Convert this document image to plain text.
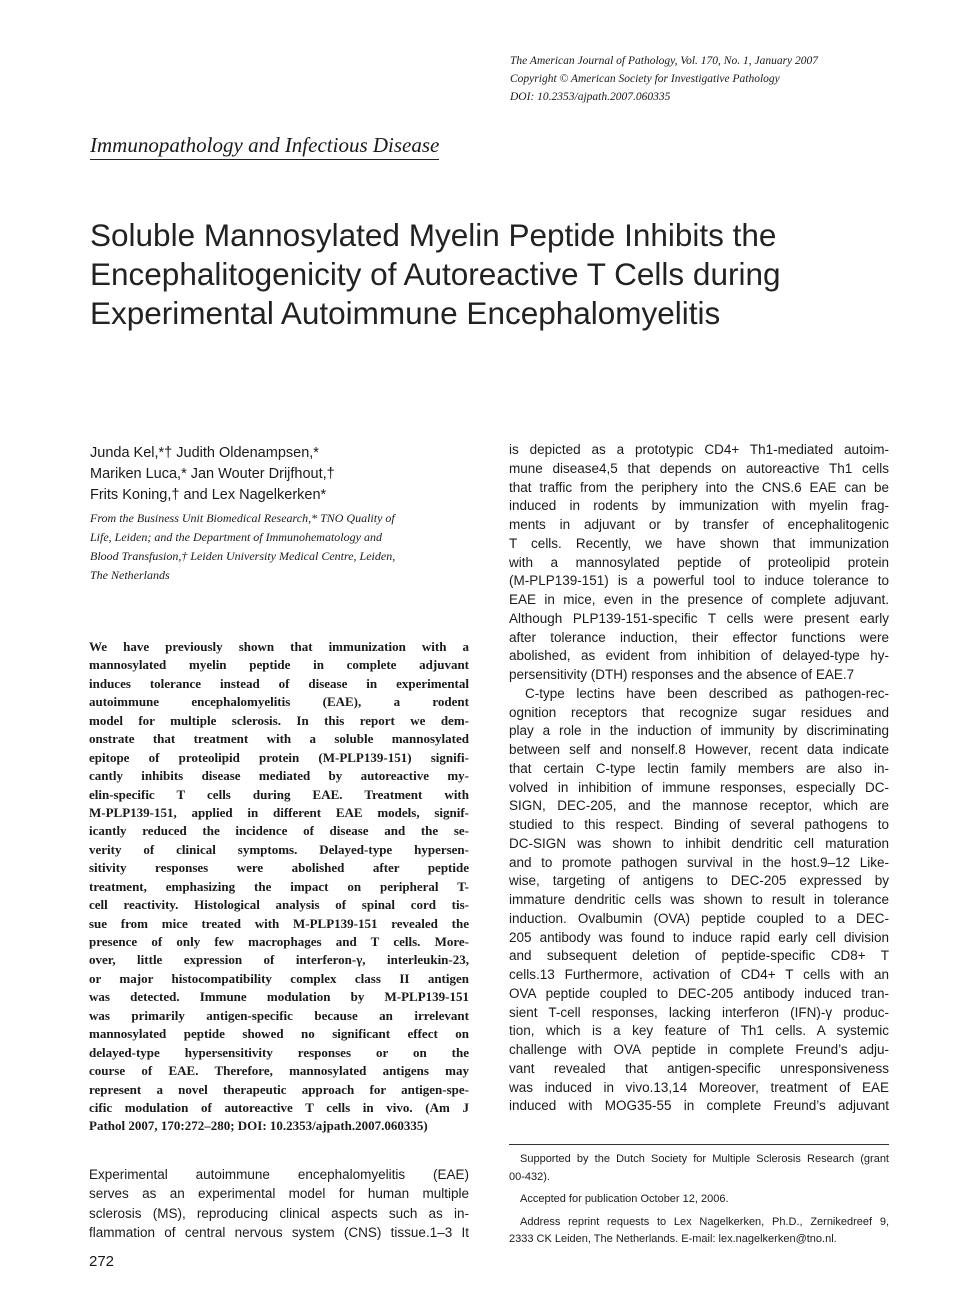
The American Journal of Pathology, Vol. 170, No. 1, January 2007
Copyright © American Society for Investigative Pathology
DOI: 10.2353/ajpath.2007.060335
Immunopathology and Infectious Disease
Soluble Mannosylated Myelin Peptide Inhibits the
Encephalitogenicity of Autoreactive T Cells during
Experimental Autoimmune Encephalomyelitis
Junda Kel,*† Judith Oldenampsen,*
Mariken Luca,* Jan Wouter Drijfhout,†
Frits Koning,† and Lex Nagelkerken*
From the Business Unit Biomedical Research,* TNO Quality of
Life, Leiden; and the Department of Immunohematology and
Blood Transfusion,† Leiden University Medical Centre, Leiden,
The Netherlands
We have previously shown that immunization with a
mannosylated myelin peptide in complete adjuvant
induces tolerance instead of disease in experimental
autoimmune encephalomyelitis (EAE), a rodent
model for multiple sclerosis. In this report we dem-
onstrate that treatment with a soluble mannosylated
epitope of proteolipid protein (M-PLP139-151) signifi-
cantly inhibits disease mediated by autoreactive my-
elin-specific T cells during EAE. Treatment with
M-PLP139-151, applied in different EAE models, signif-
icantly reduced the incidence of disease and the se-
verity of clinical symptoms. Delayed-type hypersen-
sitivity responses were abolished after peptide
treatment, emphasizing the impact on peripheral T-
cell reactivity. Histological analysis of spinal cord tis-
sue from mice treated with M-PLP139-151 revealed the
presence of only few macrophages and T cells. More-
over, little expression of interferon-γ, interleukin-23,
or major histocompatibility complex class II antigen
was detected. Immune modulation by M-PLP139-151
was primarily antigen-specific because an irrelevant
mannosylated peptide showed no significant effect on
delayed-type hypersensitivity responses or on the
course of EAE. Therefore, mannosylated antigens may
represent a novel therapeutic approach for antigen-spe-
cific modulation of autoreactive T cells in vivo. (Am J
Pathol 2007, 170:272–280; DOI: 10.2353/ajpath.2007.060335)
Experimental autoimmune encephalomyelitis (EAE)
serves as an experimental model for human multiple
sclerosis (MS), reproducing clinical aspects such as in-
flammation of central nervous system (CNS) tissue.1–3 It
is depicted as a prototypic CD4+ Th1-mediated autoim-
mune disease4,5 that depends on autoreactive Th1 cells
that traffic from the periphery into the CNS.6 EAE can be
induced in rodents by immunization with myelin frag-
ments in adjuvant or by transfer of encephalitogenic
T cells. Recently, we have shown that immunization
with a mannosylated peptide of proteolipid protein
(M-PLP139-151) is a powerful tool to induce tolerance to
EAE in mice, even in the presence of complete adjuvant.
Although PLP139-151-specific T cells were present early
after tolerance induction, their effector functions were
abolished, as evident from inhibition of delayed-type hy-
persensitivity (DTH) responses and the absence of EAE.7
C-type lectins have been described as pathogen-rec-
ognition receptors that recognize sugar residues and
play a role in the induction of immunity by discriminating
between self and nonself.8 However, recent data indicate
that certain C-type lectin family members are also in-
volved in inhibition of immune responses, especially DC-
SIGN, DEC-205, and the mannose receptor, which are
studied to this respect. Binding of several pathogens to
DC-SIGN was shown to inhibit dendritic cell maturation
and to promote pathogen survival in the host.9–12 Like-
wise, targeting of antigens to DEC-205 expressed by
immature dendritic cells was shown to result in tolerance
induction. Ovalbumin (OVA) peptide coupled to a DEC-
205 antibody was found to induce rapid early cell division
and subsequent deletion of peptide-specific CD8+ T
cells.13 Furthermore, activation of CD4+ T cells with an
OVA peptide coupled to DEC-205 antibody induced tran-
sient T-cell responses, lacking interferon (IFN)-γ produc-
tion, which is a key feature of Th1 cells. A systemic
challenge with OVA peptide in complete Freund’s adju-
vant revealed that antigen-specific unresponsiveness
was induced in vivo.13,14 Moreover, treatment of EAE
induced with MOG35-55 in complete Freund’s adjuvant
Supported by the Dutch Society for Multiple Sclerosis Research (grant
00-432).
Accepted for publication October 12, 2006.
Address reprint requests to Lex Nagelkerken, Ph.D., Zernikedreef 9,
2333 CK Leiden, The Netherlands. E-mail: lex.nagelkerken@tno.nl.
272
